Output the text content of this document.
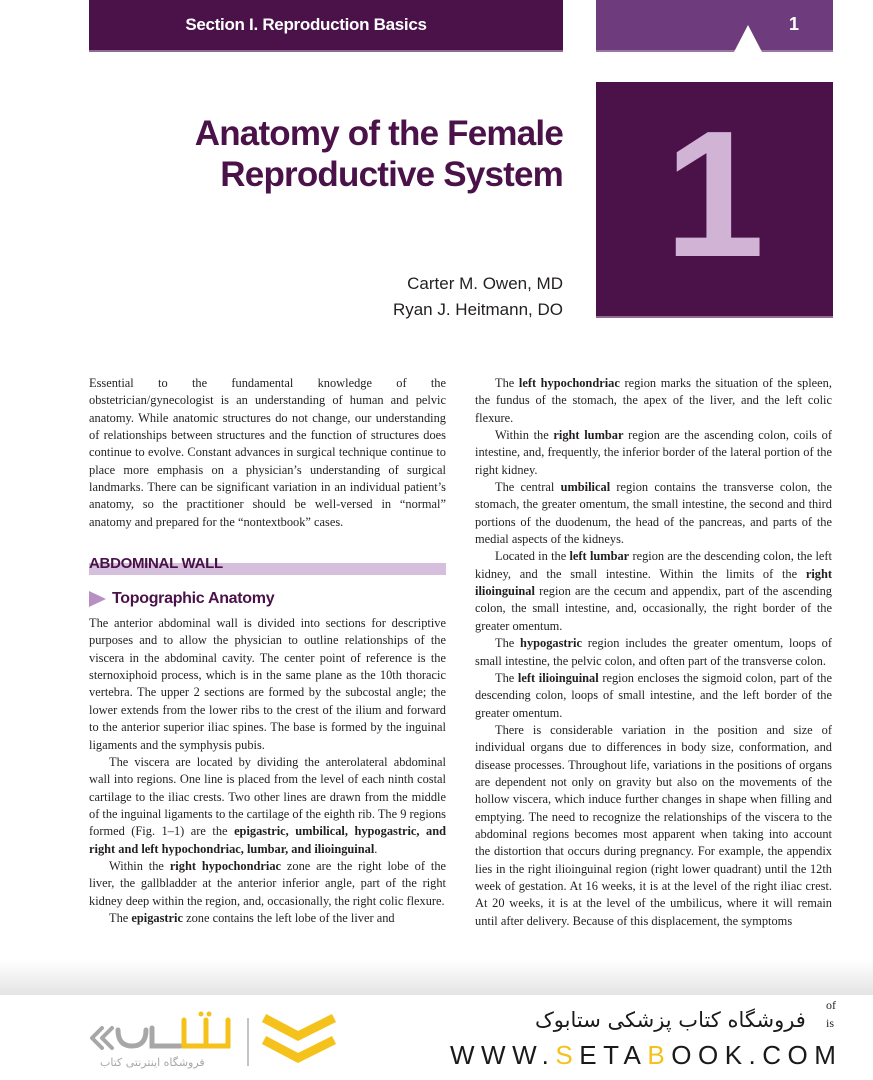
Section I. Reproduction Basics	1
Anatomy of the Female
Reproductive System
Carter M. Owen, MD
Ryan J. Heitmann, DO
1

Essential to the fundamental knowledge of the obstetrician/gynecologist is an understanding of human and pelvic anatomy. While anatomic structures do not change, our understanding of relationships between structures and the function of structures does continue to evolve. Constant advances in surgical technique continue to place more emphasis on a physician’s understanding of surgical landmarks. There can be significant variation in an individual patient’s anatomy, so the practitioner should be well-versed in “normal” anatomy and prepared for the “nontextbook” cases.

ABDOMINAL WALL
Topographic Anatomy

The anterior abdominal wall is divided into sections for descriptive purposes and to allow the physician to outline relationships of the viscera in the abdominal cavity. The center point of reference is the sternoxiphoid process, which is in the same plane as the 10th thoracic vertebra. The upper 2 sections are formed by the subcostal angle; the lower extends from the lower ribs to the crest of the ilium and forward to the anterior superior iliac spines. The base is formed by the inguinal ligaments and the symphysis pubis.

The viscera are located by dividing the anterolateral abdominal wall into regions. One line is placed from the level of each ninth costal cartilage to the iliac crests. Two other lines are drawn from the middle of the inguinal ligaments to the cartilage of the eighth rib. The 9 regions formed (Fig. 1–1) are the epigastric, umbilical, hypogastric, and right and left hypochondriac, lumbar, and ilioinguinal.

Within the right hypochondriac zone are the right lobe of the liver, the gallbladder at the anterior inferior angle, part of the right kidney deep within the region, and, occasionally, the right colic flexure.

The epigastric zone contains the left lobe of the liver and

The left hypochondriac region marks the situation of the spleen, the fundus of the stomach, the apex of the liver, and the left colic flexure.

Within the right lumbar region are the ascending colon, coils of intestine, and, frequently, the inferior border of the lateral portion of the right kidney.

The central umbilical region contains the transverse colon, the stomach, the greater omentum, the small intestine, the second and third portions of the duodenum, the head of the pancreas, and parts of the medial aspects of the kidneys.

Located in the left lumbar region are the descending colon, the left kidney, and the small intestine. Within the limits of the right ilioinguinal region are the cecum and appendix, part of the ascending colon, the small intestine, and, occasionally, the right border of the greater omentum.

The hypogastric region includes the greater omentum, loops of small intestine, the pelvic colon, and often part of the transverse colon.

The left ilioinguinal region encloses the sigmoid colon, part of the descending colon, loops of small intestine, and the left border of the greater omentum.

There is considerable variation in the position and size of individual organs due to differences in body size, conformation, and disease processes. Throughout life, variations in the positions of organs are dependent not only on gravity but also on the movements of the hollow viscera, which induce further changes in shape when filling and emptying. The need to recognize the relationships of the viscera to the abdominal regions becomes most apparent when taking into account the distortion that occurs during pregnancy. For example, the appendix lies in the right ilioinguinal region (right lower quadrant) until the 12th week of gestation. At 16 weeks, it is at the level of the right iliac crest. At 20 weeks, it is at the level of the umbilicus, where it will remain until after delivery. Because of this displacement, the symptoms

of
is
فروشگاه اینترنتی کتاب
فروشگاه کتاب پزشکی ستابوک
WWW.SETABOOK.COM
